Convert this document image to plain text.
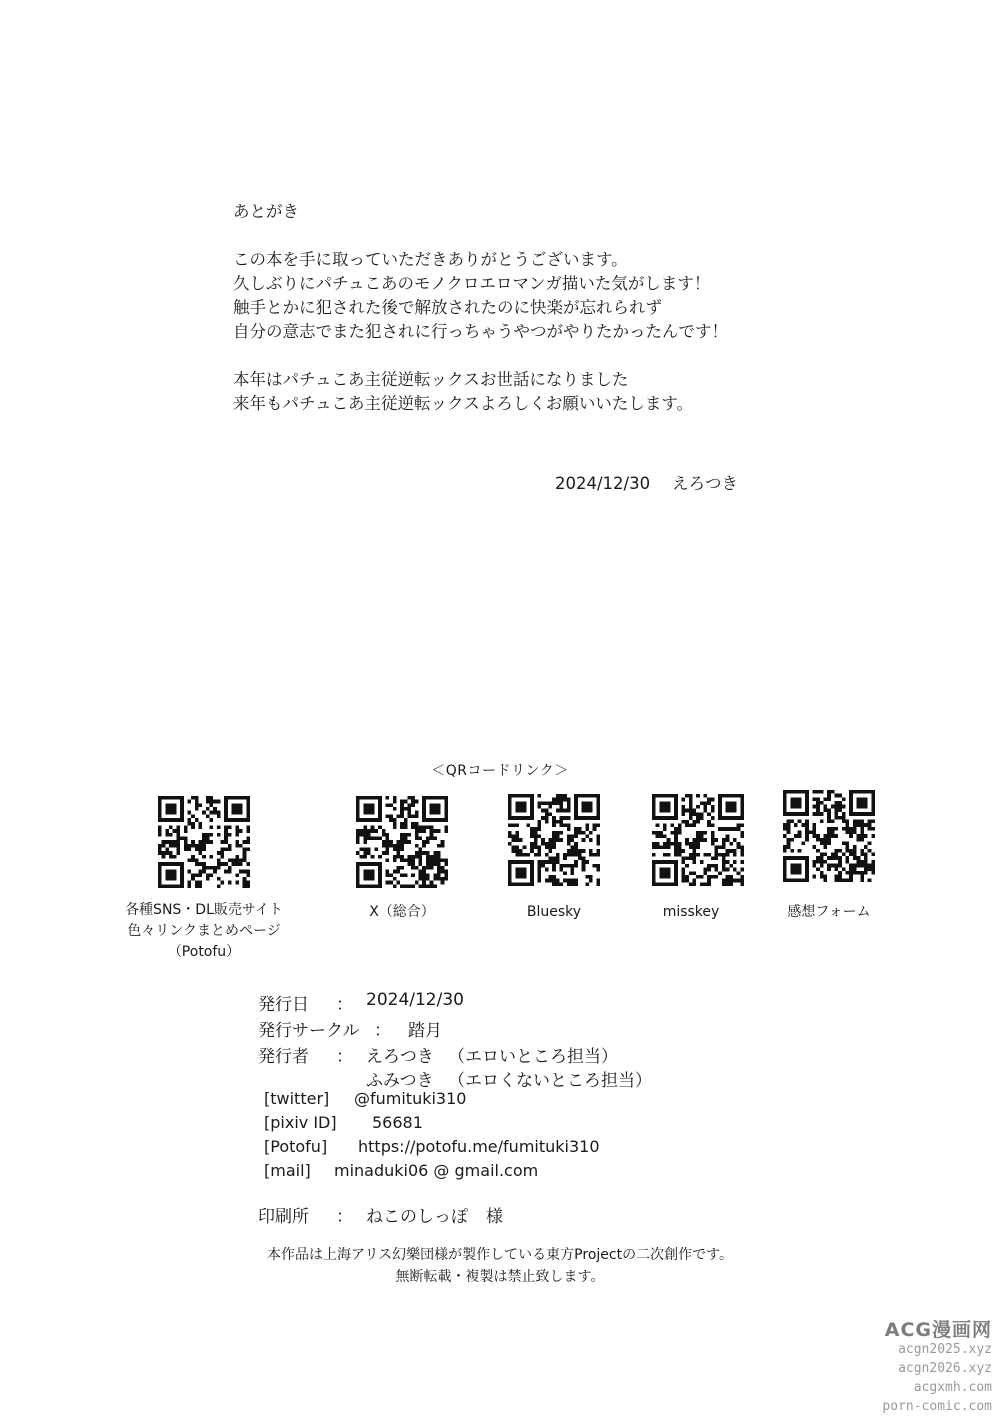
あとがき
この本を手に取っていただきありがとうございます。
久しぶりにパチュこあのモノクロエロマンガ描いた気がします！
触手とかに犯された後で解放されたのに快楽が忘れられず
自分の意志でまた犯されに行っちゃうやつがやりたかったんです！
本年はパチュこあ主従逆転ックスお世話になりました
来年もパチュこあ主従逆転ックスよろしくお願いいたします。
2024/12/30 えろつき
＜QRコードリンク＞
各種SNS・DL販売サイト
色々リンクまとめページ
（Potofu）
X（総合）	Bluesky	misskey	感想フォーム
発行日 ： 2024/12/30
発行サークル ： 踏月
発行者 ： えろつき （エロいところ担当）
ふみつき （エロくないところ担当）
[twitter] @fumituki310
[pixiv ID] 56681
[Potofu] https://potofu.me/fumituki310
[mail] minaduki06 @ gmail.com
印刷所 ： ねこのしっぽ 様
本作品は上海アリス幻樂団様が製作している東方Projectの二次創作です。
無断転載・複製は禁止致します。
ACG漫画网
acgn2025.xyz
acgn2026.xyz
acgxmh.com
porn-comic.com
